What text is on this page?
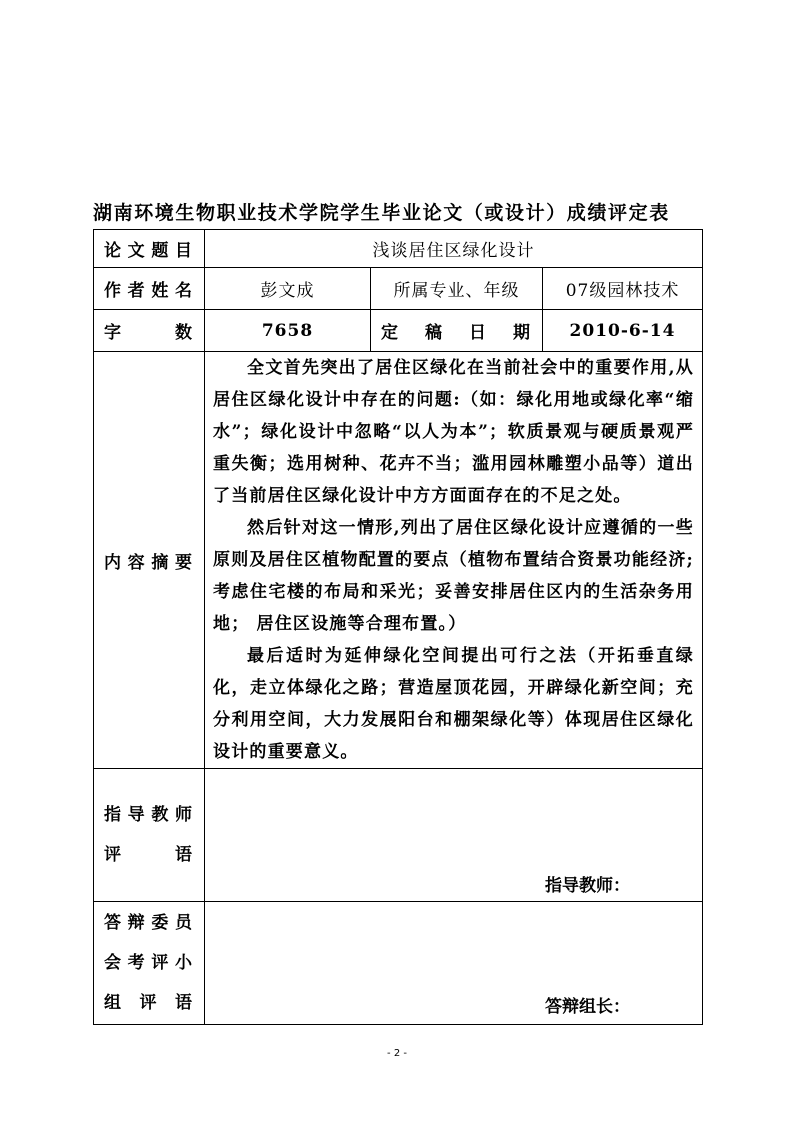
湖南环境生物职业技术学院学生毕业论文（或设计）成绩评定表
论文题目	浅谈居住区绿化设计		
作者姓名	彭文成	所属专业、年级	07级园林技术
字数	7658	定稿日期	2010-6-14
内容摘要	全文首先突出了居住区绿化在当前社会中的重要作用,从居住区绿化设计中存在的问题:（如：绿化用地或绿化率“缩水”；绿化设计中忽略“以人为本”；软质景观与硬质景观严重失衡；选用树种、花卉不当；滥用园林雕塑小品等）道出了当前居住区绿化设计中方方面面存在的不足之处。

然后针对这一情形,列出了居住区绿化设计应遵循的一些原则及居住区植物配置的要点（植物布置结合资景功能经济;考虑住宅楼的布局和采光；妥善安排居住区内的生活杂务用地； 居住区设施等合理布置。）

最后适时为延伸绿化空间提出可行之法（开拓垂直绿化，走立体绿化之路；营造屋顶花园，开辟绿化新空间；充分利用空间，大力发展阳台和棚架绿化等）体现居住区绿化设计的重要意义。		

指导教师
评语	指导教师：		

答辩委员
会考评小
组评语	答辩组长：		
- 2 -
